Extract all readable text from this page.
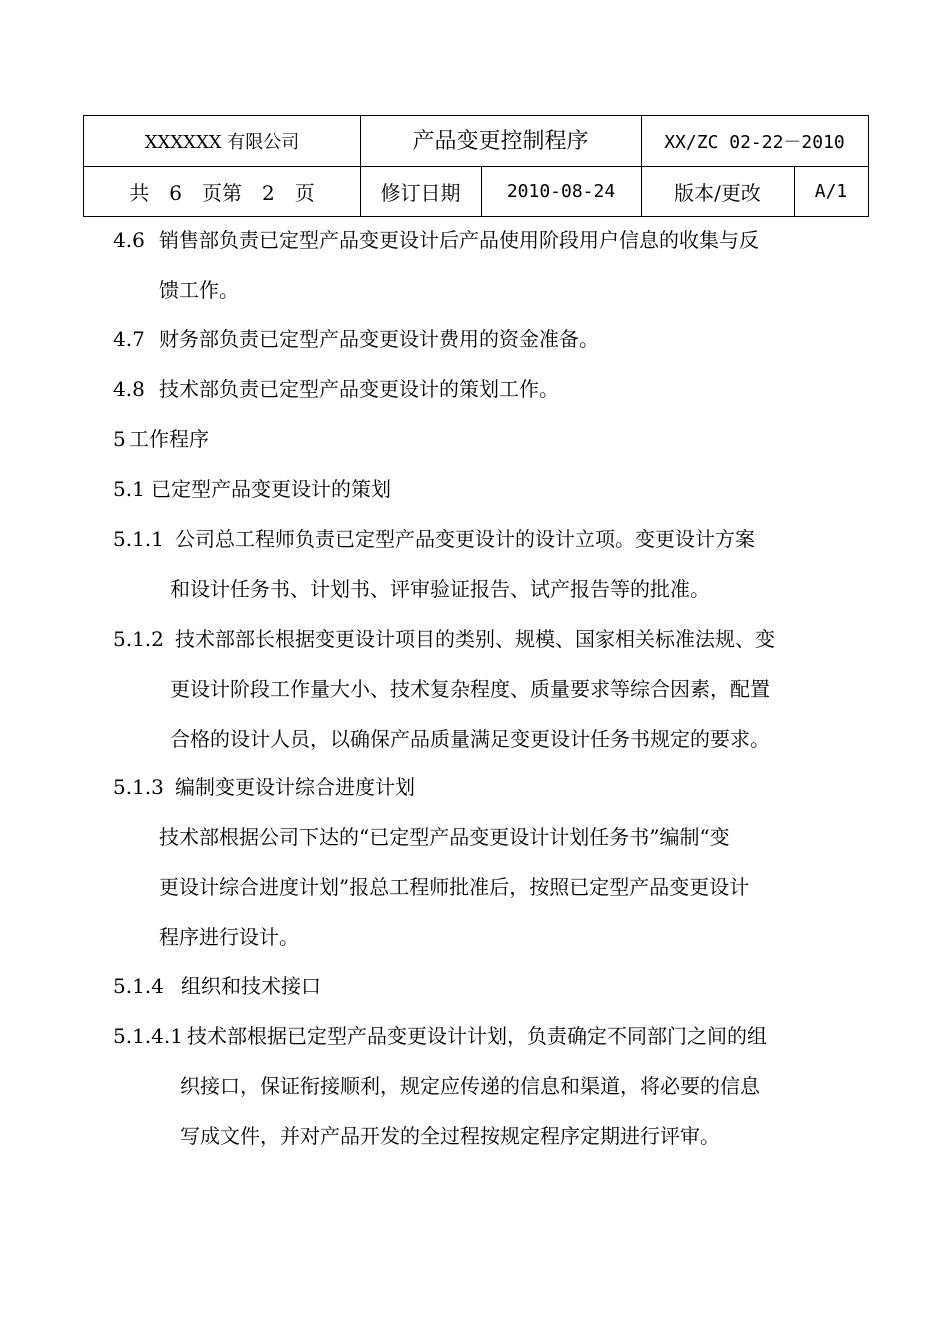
XXXXXX 有限公司	产品变更控制程序	XX/ZC 02-22－2010
共　6　页第　2　页	修订日期	2010-08-24	版本/更改	A/1
4.6 销售部负责已定型产品变更设计后产品使用阶段用户信息的收集与反
馈工作。
4.7 财务部负责已定型产品变更设计费用的资金准备。
4.8 技术部负责已定型产品变更设计的策划工作。
5 工作程序
5.1 已定型产品变更设计的策划
5.1.1 公司总工程师负责已定型产品变更设计的设计立项。变更设计方案
和设计任务书、计划书、评审验证报告、试产报告等的批准。
5.1.2 技术部部长根据变更设计项目的类别、规模、国家相关标准法规、变
更设计阶段工作量大小、技术复杂程度、质量要求等综合因素，配置
合格的设计人员，以确保产品质量满足变更设计任务书规定的要求。
5.1.3 编制变更设计综合进度计划
技术部根据公司下达的“已定型产品变更设计计划任务书”编制“变
更设计综合进度计划”报总工程师批准后，按照已定型产品变更设计
程序进行设计。
5.1.4 组织和技术接口
5.1.4.1 技术部根据已定型产品变更设计计划，负责确定不同部门之间的组
织接口，保证衔接顺利，规定应传递的信息和渠道，将必要的信息
写成文件，并对产品开发的全过程按规定程序定期进行评审。
